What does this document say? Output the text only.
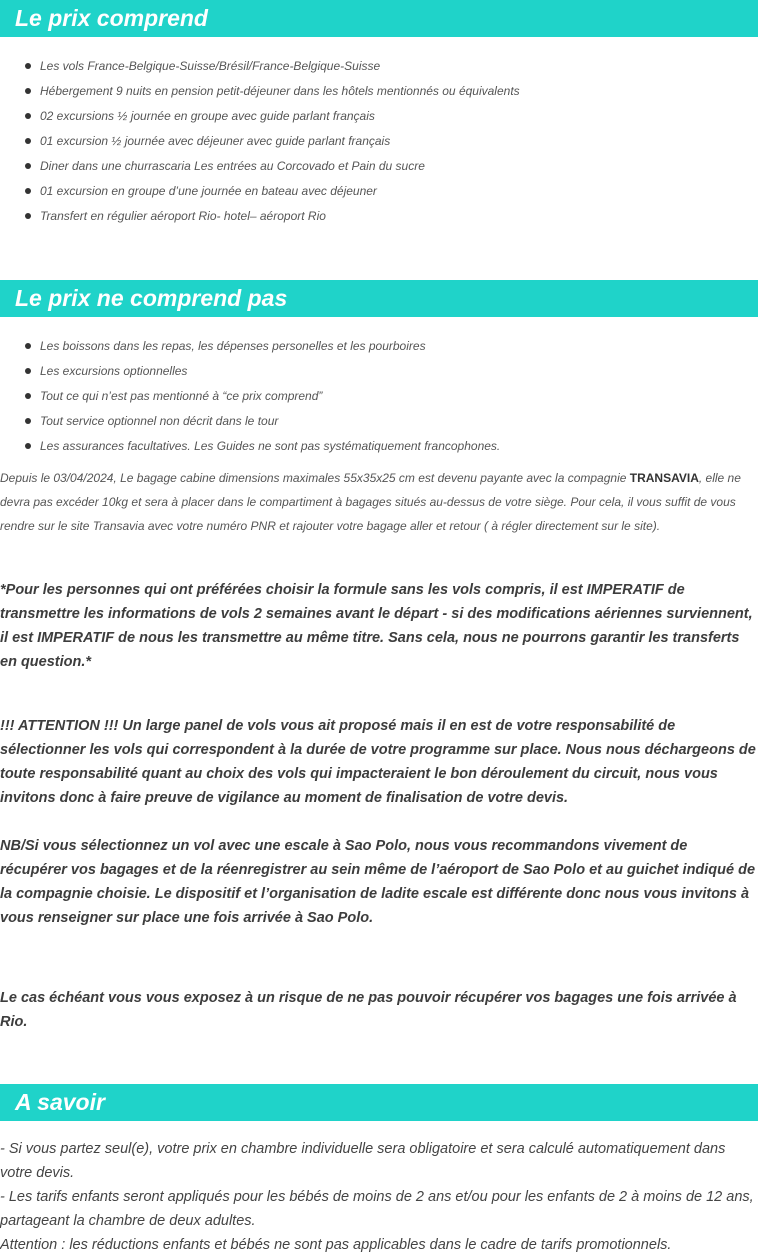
Le prix comprend
Les vols France-Belgique-Suisse/Brésil/France-Belgique-Suisse
Hébergement 9 nuits en pension petit-déjeuner dans les hôtels mentionnés ou équivalents
02 excursions ½ journée en groupe avec guide parlant français
01 excursion ½ journée avec déjeuner avec guide parlant français
Diner dans une churrascaria Les entrées au Corcovado et Pain du sucre
01 excursion en groupe d’une journée en bateau avec déjeuner
Transfert en régulier aéroport Rio- hotel– aéroport Rio
Le prix ne comprend pas
Les boissons dans les repas, les dépenses personelles et les pourboires
Les excursions optionnelles
Tout ce qui n’est pas mentionné à “ce prix comprend”
Tout service optionnel non décrit dans le tour
Les assurances facultatives. Les Guides ne sont pas systématiquement francophones.

Depuis le 03/04/2024, Le bagage cabine dimensions maximales 55x35x25 cm est devenu payante avec la compagnie TRANSAVIA, elle ne devra pas excéder 10kg et sera à placer dans le compartiment à bagages situés au-dessus de votre siège. Pour cela, il vous suffit de vous rendre sur le site Transavia avec votre numéro PNR et rajouter votre bagage aller et retour ( à régler directement sur le site).

*Pour les personnes qui ont préférées choisir la formule sans les vols compris, il est IMPERATIF de transmettre les informations de vols 2 semaines avant le départ - si des modifications aériennes surviennent, il est IMPERATIF de nous les transmettre au même titre. Sans cela, nous ne pourrons garantir les transferts en question.*

!!! ATTENTION !!! Un large panel de vols vous ait proposé mais il en est de votre responsabilité de sélectionner les vols qui correspondent à la durée de votre programme sur place. Nous nous déchargeons de toute responsabilité quant au choix des vols qui impacteraient le bon déroulement du circuit, nous vous invitons donc à faire preuve de vigilance au moment de finalisation de votre devis.

NB/Si vous sélectionnez un vol avec une escale à Sao Polo, nous vous recommandons vivement de récupérer vos bagages et de la réenregistrer au sein même de l’aéroport de Sao Polo et au guichet indiqué de la compagnie choisie. Le dispositif et l’organisation de ladite escale est différente donc nous vous invitons à vous renseigner sur place une fois arrivée à Sao Polo.

Le cas échéant vous vous exposez à un risque de ne pas pouvoir récupérer vos bagages une fois arrivée à Rio.

A savoir

- Si vous partez seul(e), votre prix en chambre individuelle sera obligatoire et sera calculé automatiquement dans votre devis.

- Les tarifs enfants seront appliqués pour les bébés de moins de 2 ans et/ou pour les enfants de 2 à moins de 12 ans, partageant la chambre de deux adultes.

Attention : les réductions enfants et bébés ne sont pas applicables dans le cadre de tarifs promotionnels.
